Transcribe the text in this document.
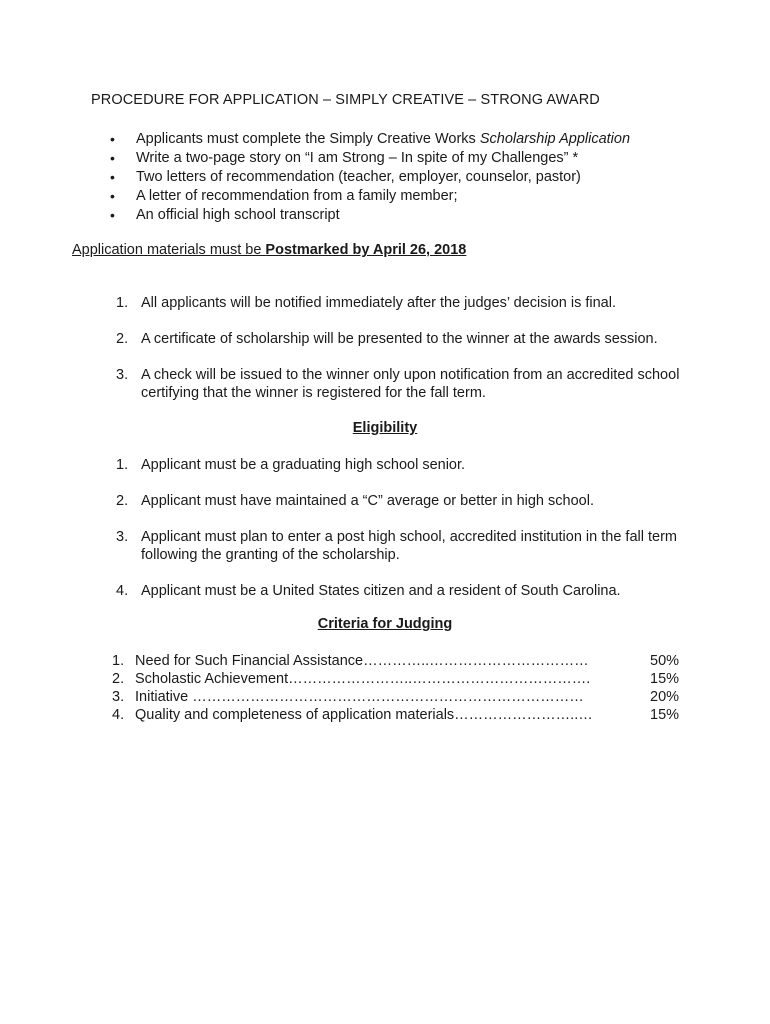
PROCEDURE FOR APPLICATION – SIMPLY CREATIVE – STRONG AWARD
• Applicants must complete the Simply Creative Works Scholarship Application
• Write a two-page story on “I am Strong – In spite of my Challenges” *
• Two letters of recommendation (teacher, employer, counselor, pastor)
• A letter of recommendation from a family member;
• An official high school transcript
Application materials must be Postmarked by April 26, 2018
1. All applicants will be notified immediately after the judges’ decision is final.
2. A certificate of scholarship will be presented to the winner at the awards session.
3. A check will be issued to the winner only upon notification from an accredited school certifying that the winner is registered for the fall term.
Eligibility
1. Applicant must be a graduating high school senior.
2. Applicant must have maintained a “C” average or better in high school.
3. Applicant must plan to enter a post high school, accredited institution in the fall term following the granting of the scholarship.
4. Applicant must be a United States citizen and a resident of South Carolina.
Criteria for Judging
1. Need for Such Financial Assistance…………..……………………………	50%
2. Scholastic Achievement……………………..……………………………….	15%
3. Initiative ………………………………………………………………………	20%
4. Quality and completeness of application materials……………………..…	15%
